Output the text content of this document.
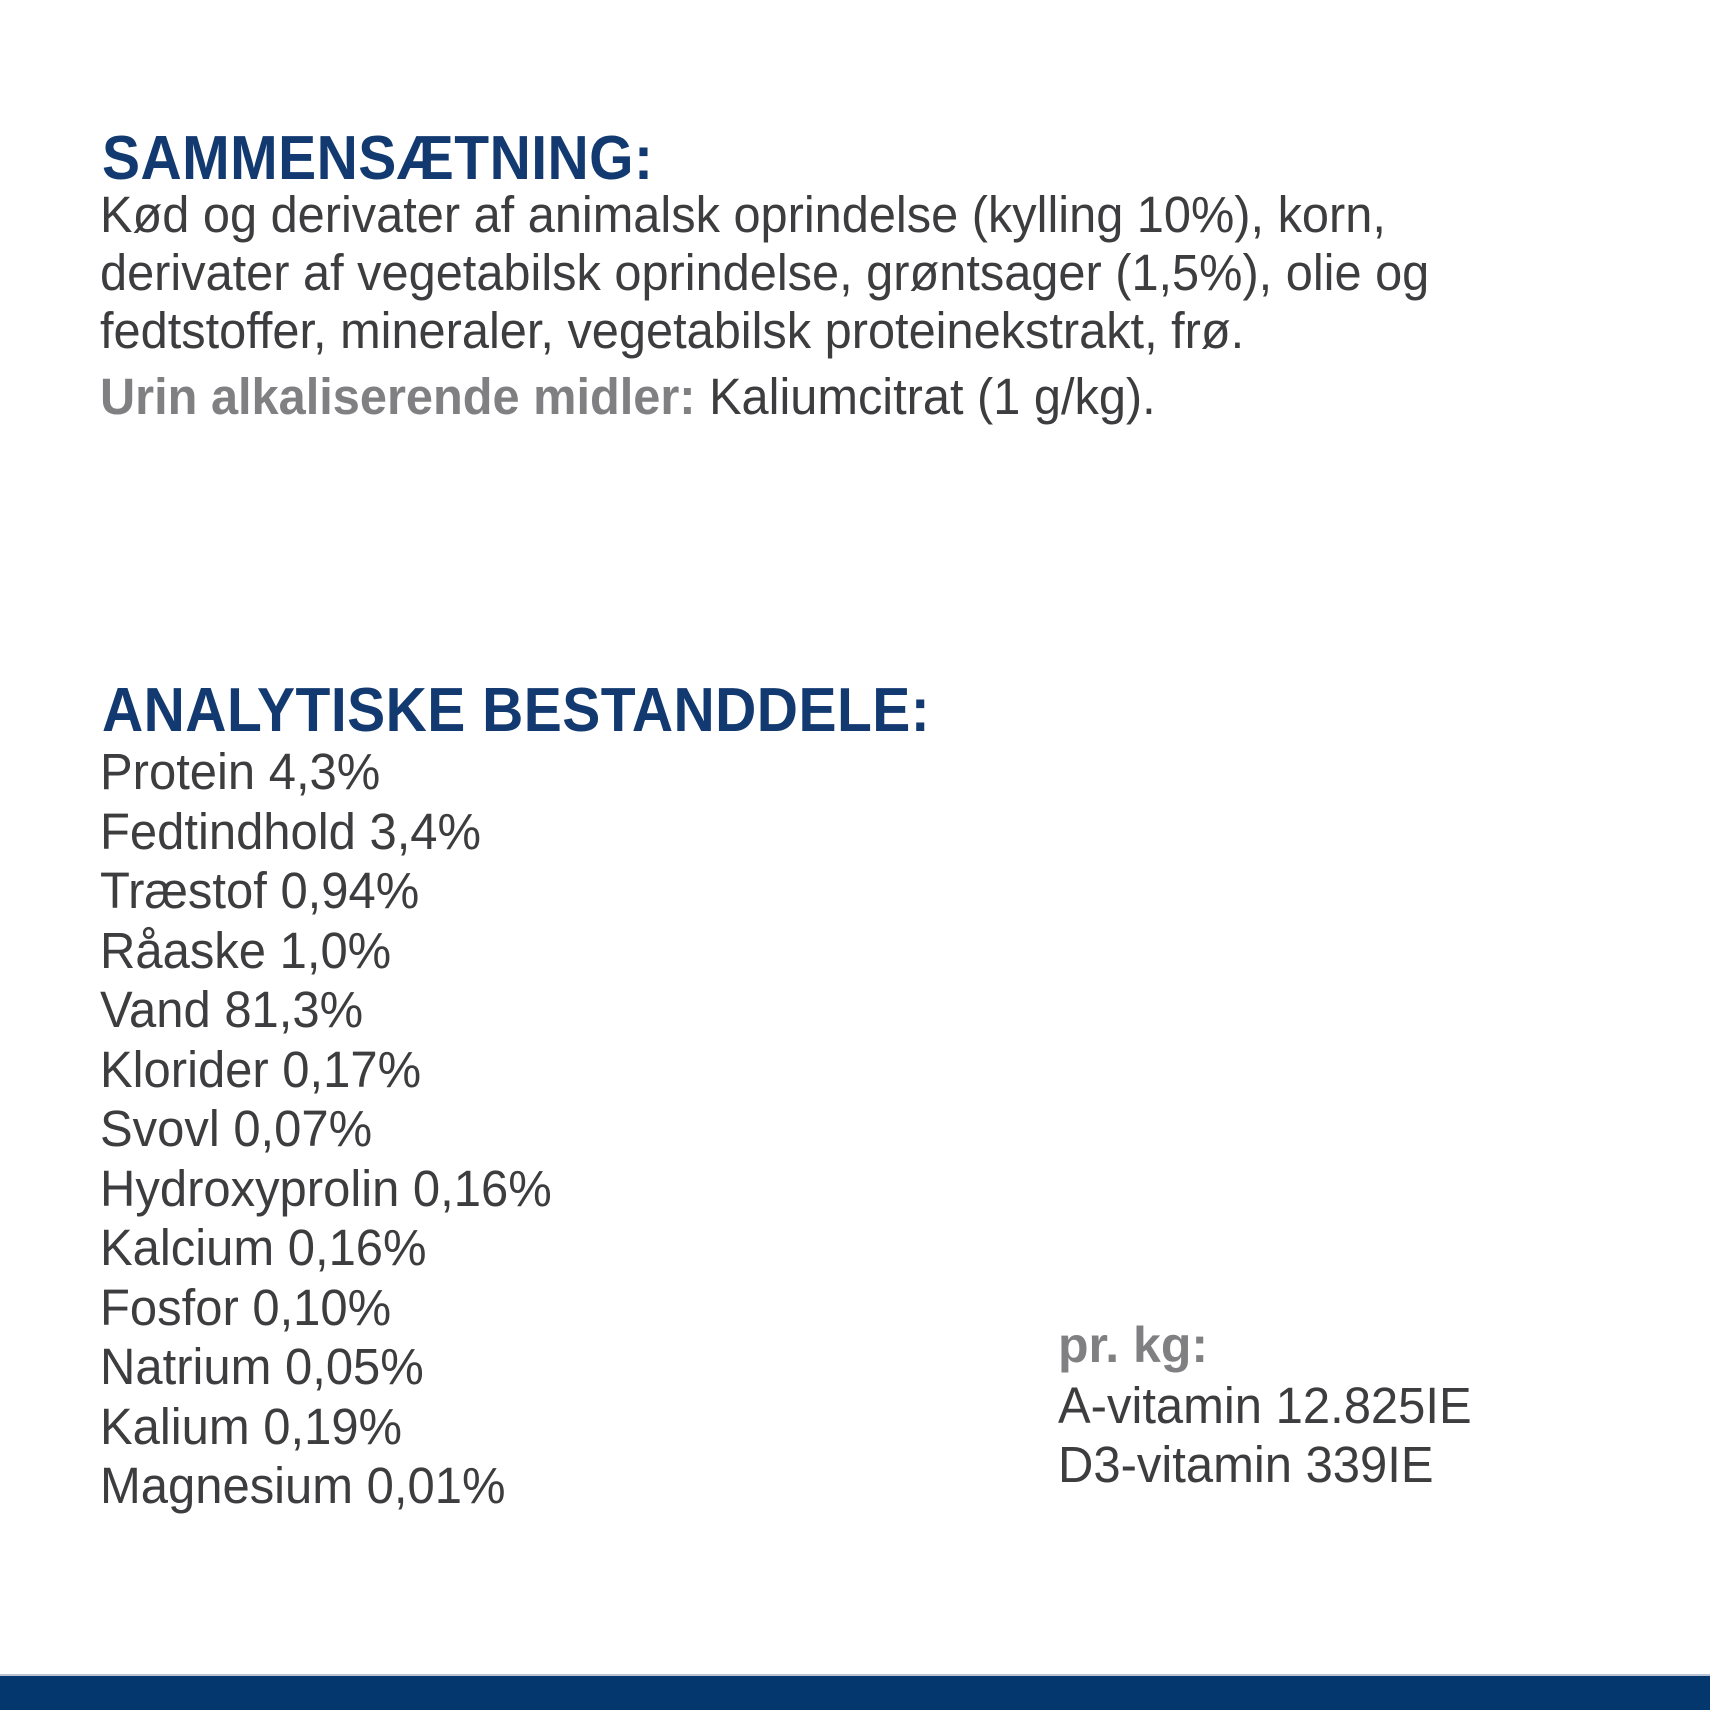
SAMMENSÆTNING:

Kød og derivater af animalsk oprindelse (kylling 10%), korn, derivater af vegetabilsk oprindelse, grøntsager (1,5%), olie og fedtstoffer, mineraler, vegetabilsk proteinekstrakt, frø.

Urin alkaliserende midler: Kaliumcitrat (1 g/kg).

ANALYTISKE BESTANDDELE:
Protein 4,3%
Fedtindhold 3,4%
Træstof 0,94%
Råaske 1,0%
Vand 81,3%
Klorider 0,17%
Svovl 0,07%
Hydroxyprolin 0,16%
Kalcium 0,16%
Fosfor 0,10%
Natrium 0,05%
Kalium 0,19%
Magnesium 0,01%
pr. kg:
A-vitamin 12.825IE
D3-vitamin 339IE
